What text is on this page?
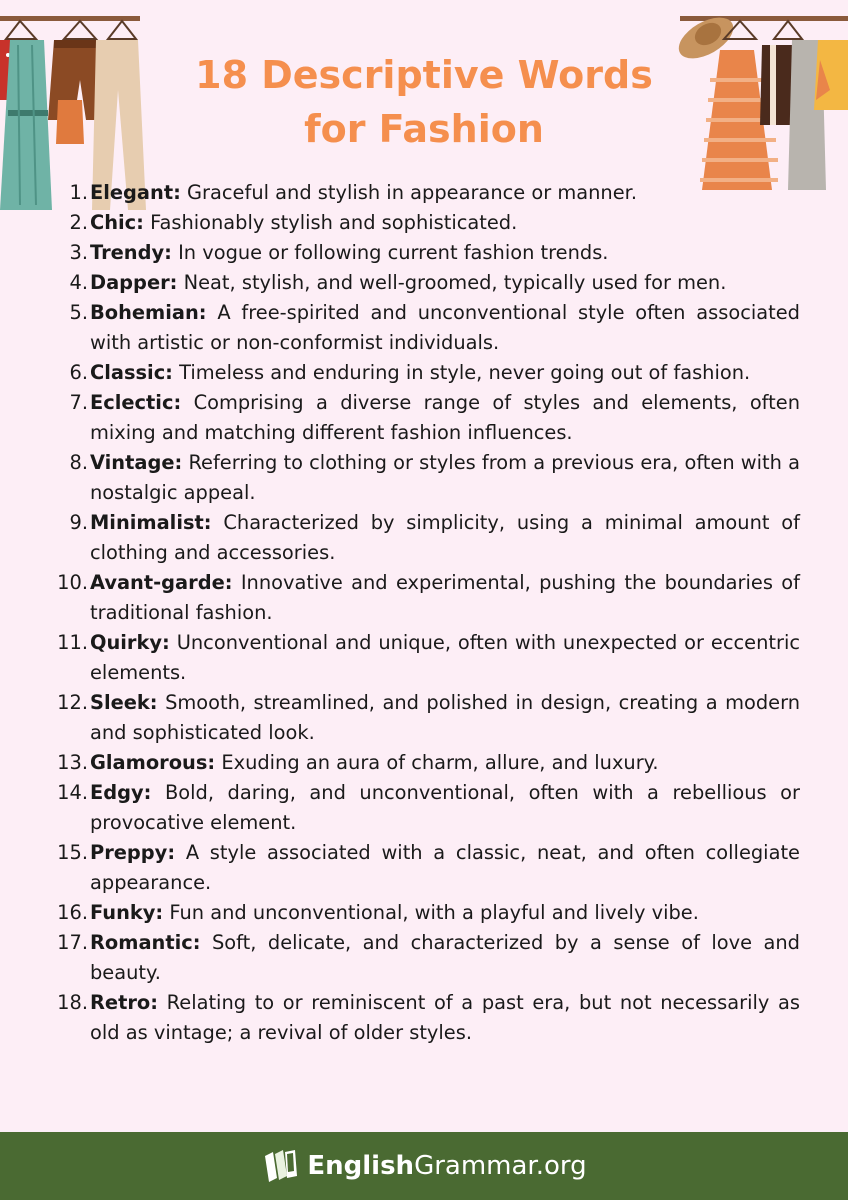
18 Descriptive Words
for Fashion
1. Elegant: Graceful and stylish in appearance or manner.
2. Chic: Fashionably stylish and sophisticated.
3. Trendy: In vogue or following current fashion trends.
4. Dapper: Neat, stylish, and well-groomed, typically used for men.
5. Bohemian: A free-spirited and unconventional style often associated with artistic or non-conformist individuals.
6. Classic: Timeless and enduring in style, never going out of fashion.
7. Eclectic: Comprising a diverse range of styles and elements, often mixing and matching different fashion influences.
8. Vintage: Referring to clothing or styles from a previous era, often with a nostalgic appeal.
9. Minimalist: Characterized by simplicity, using a minimal amount of clothing and accessories.
10. Avant-garde: Innovative and experimental, pushing the boundaries of traditional fashion.
11. Quirky: Unconventional and unique, often with unexpected or eccentric elements.
12. Sleek: Smooth, streamlined, and polished in design, creating a modern and sophisticated look.
13. Glamorous: Exuding an aura of charm, allure, and luxury.
14. Edgy: Bold, daring, and unconventional, often with a rebellious or provocative element.
15. Preppy: A style associated with a classic, neat, and often collegiate appearance.
16. Funky: Fun and unconventional, with a playful and lively vibe.
17. Romantic: Soft, delicate, and characterized by a sense of love and beauty.
18. Retro: Relating to or reminiscent of a past era, but not necessarily as old as vintage; a revival of older styles.
English Grammar.org
